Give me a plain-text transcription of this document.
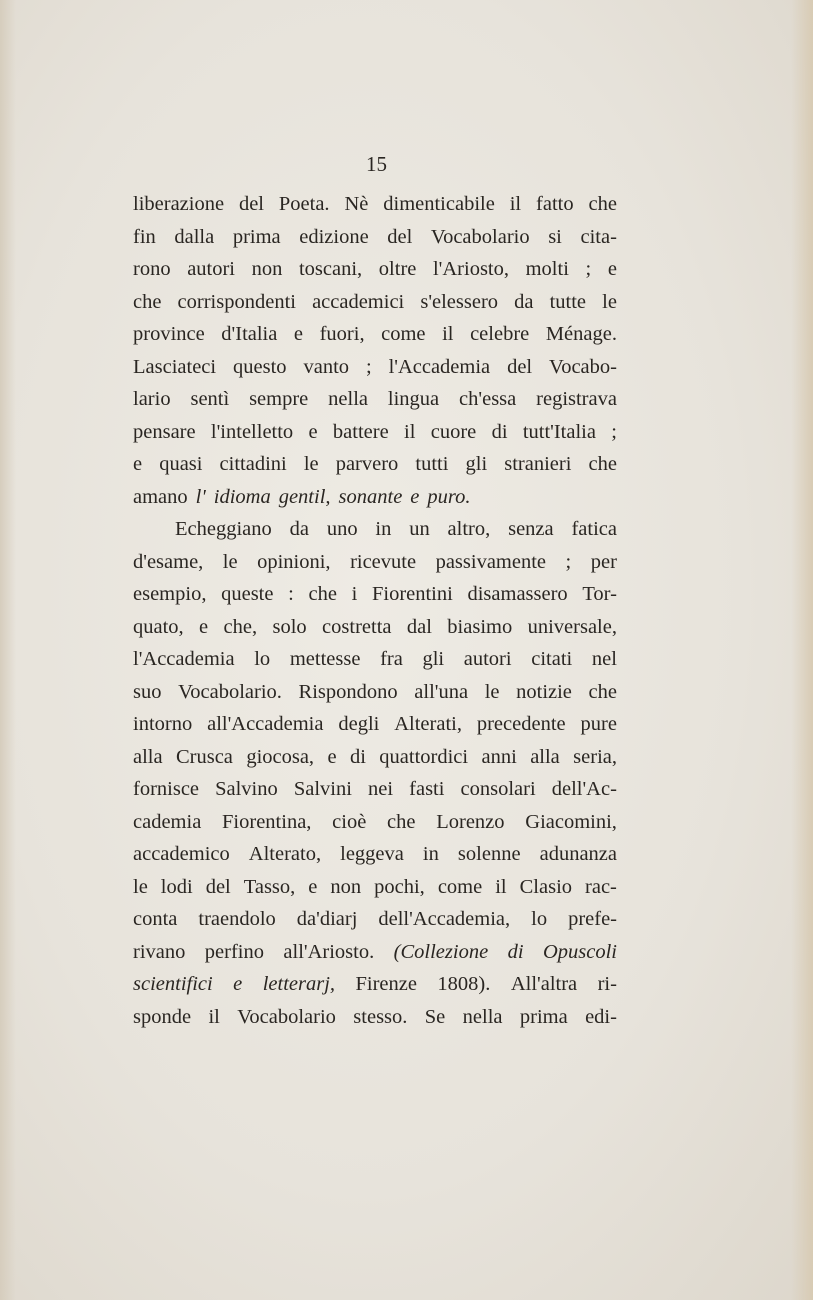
15
liberazione del Poeta. Nè dimenticabile il fatto che
fin dalla prima edizione del Vocabolario si cita-
rono autori non toscani, oltre l'Ariosto, molti ; e
che corrispondenti accademici s'elessero da tutte le
province d'Italia e fuori, come il celebre Ménage.
Lasciateci questo vanto ; l'Accademia del Vocabo-
lario sentì sempre nella lingua ch'essa registrava
pensare l'intelletto e battere il cuore di tutt'Italia ;
e quasi cittadini le parvero tutti gli stranieri che
amano l' idioma gentil, sonante e puro.
Echeggiano da uno in un altro, senza fatica
d'esame, le opinioni, ricevute passivamente ; per
esempio, queste : che i Fiorentini disamassero Tor-
quato, e che, solo costretta dal biasimo universale,
l'Accademia lo mettesse fra gli autori citati nel
suo Vocabolario. Rispondono all'una le notizie che
intorno all'Accademia degli Alterati, precedente pure
alla Crusca giocosa, e di quattordici anni alla seria,
fornisce Salvino Salvini nei fasti consolari dell'Ac-
cademia Fiorentina, cioè che Lorenzo Giacomini,
accademico Alterato, leggeva in solenne adunanza
le lodi del Tasso, e non pochi, come il Clasio rac-
conta traendolo da'diarj dell'Accademia, lo prefe-
rivano perfino all'Ariosto. (Collezione di Opuscoli
scientifici e letterarj, Firenze 1808). All'altra ri-
sponde il Vocabolario stesso. Se nella prima edi-
